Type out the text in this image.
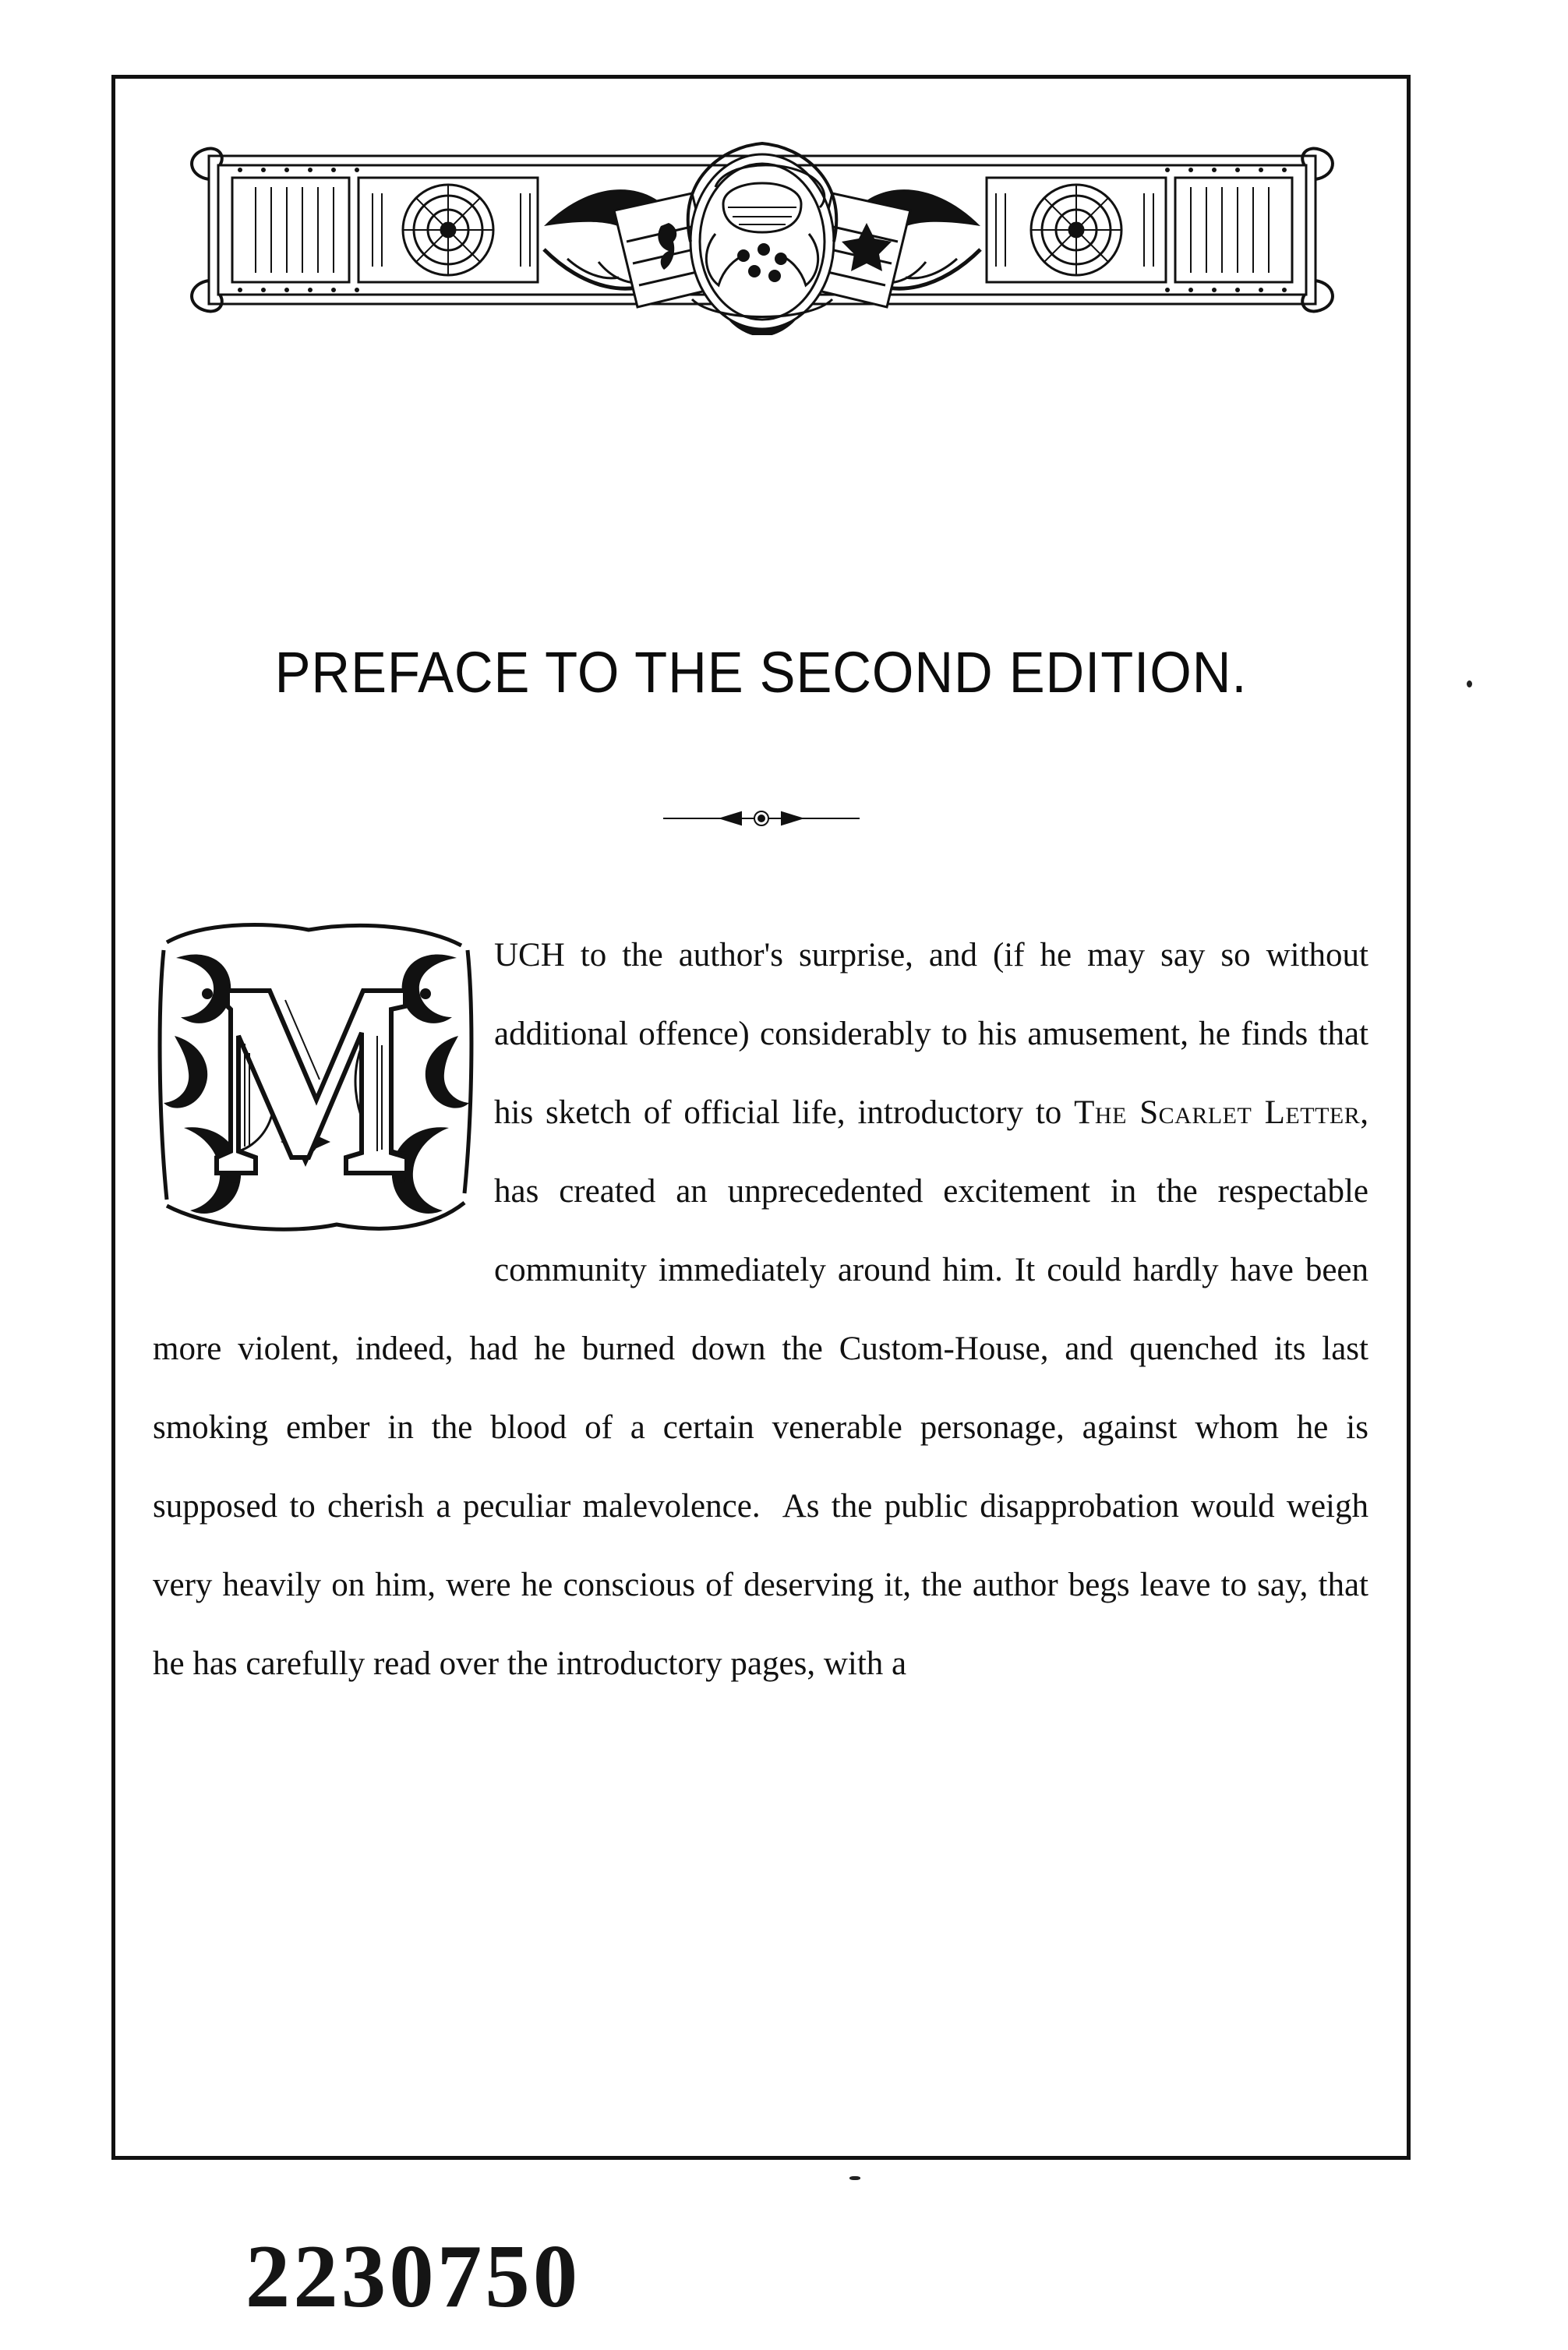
PREFACE TO THE SECOND EDITION.

UCH to the author's surprise, and (if he may say so without additional offence) considerably to his amusement, he finds that his sketch of official life, introductory to The Scarlet Letter, has created an unprecedented excitement in the respectable community immediately around him. It could hardly have been more violent, indeed, had he burned down the Custom-House, and quenched its last smoking ember in the blood of a certain venerable personage, against whom he is supposed to cherish a peculiar malevolence.  As the public disapprobation would weigh very heavily on him, were he conscious of deserving it, the author begs leave to say, that he has carefully read over the introductory pages, with a

2230750
